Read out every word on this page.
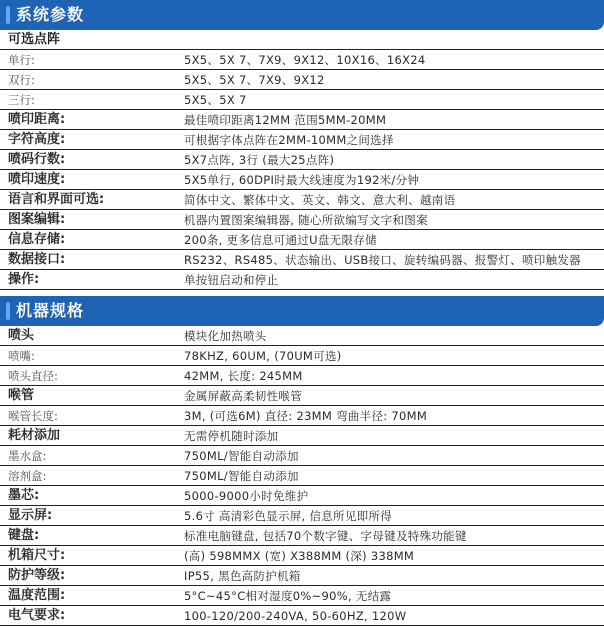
系统参数
可选点阵
单行:	5X5、5X 7、7X9、9X12、10X16、16X24
双行:	5X5、5X 7、7X9、9X12
三行:	5X5、5X 7
喷印距离:	最佳喷印距离12MM 范围5MM-20MM
字符高度:	可根据字体点阵在2MM-10MM之间选择
喷码行数:	5X7点阵, 3行 (最大25点阵)
喷印速度:	5X5单行, 60DPI时最大线速度为192米/分钟
语言和界面可选:	简体中文、繁体中文、英文、韩文、意大利、越南语
图案编辑:	机器内置图案编辑器, 随心所欲编写文字和图案
信息存储:	200条, 更多信息可通过U盘无限存储
数据接口:	RS232、RS485、状态输出、USB接口、旋转编码器、报警灯、喷印触发器
操作:	单按钮启动和停止
机器规格
喷头	模块化加热喷头
喷嘴:	78KHZ, 60UM, (70UM可选)
喷头直径:	42MM, 长度: 245MM
喉管	金属屏蔽高柔韧性喉管
喉管长度:	3M, (可选6M) 直径: 23MM 弯曲半径: 70MM
耗材添加	无需停机随时添加
墨水盒:	750ML/智能自动添加
溶剂盒:	750ML/智能自动添加
墨芯:	5000-9000小时免维护
显示屏:	5.6寸 高清彩色显示屏, 信息所见即所得
键盘:	标准电脑键盘, 包括70个数字键、字母键及特殊功能键
机箱尺寸:	(高) 598MMX (宽) X388MM (深) 338MM
防护等级:	IP55, 黑色高防护机箱
温度范围:	5°C~45°C相对湿度0%~90%, 无结露
电气要求:	100-120/200-240VA, 50-60HZ, 120W
